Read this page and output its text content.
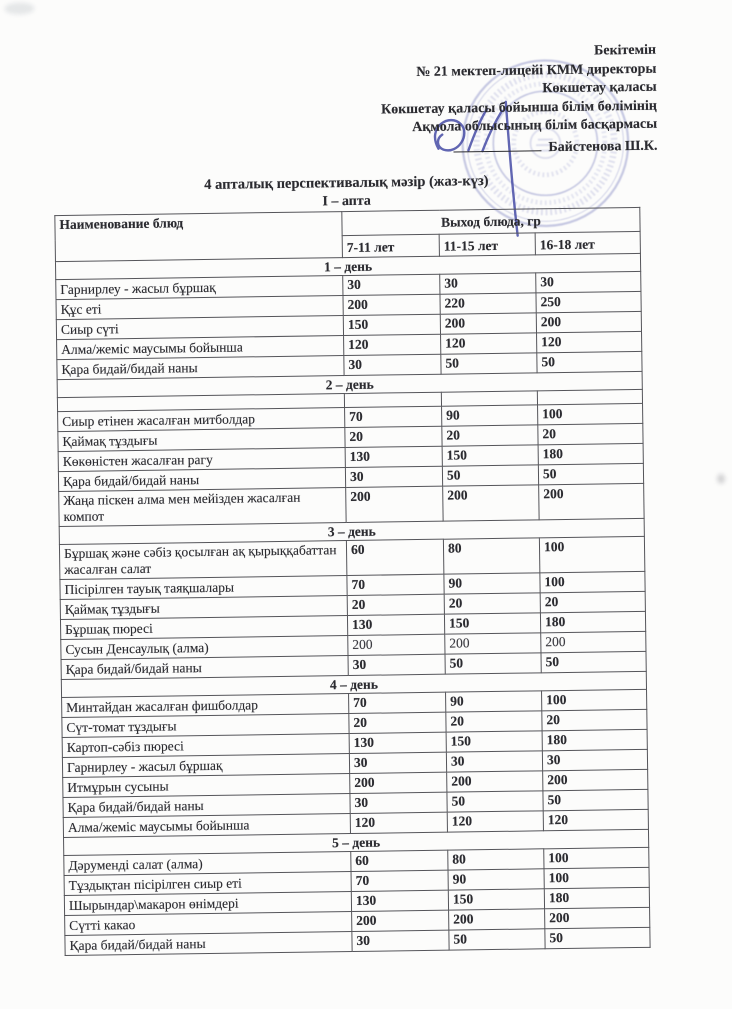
Бекітемін
№ 21 мектеп-лицейі КММ директоры
Көкшетау қаласы
Көкшетау қаласы бойынша білім бөлімінің
Ақмола облысының білім басқармасы
Байстенова Ш.К.
4 апталық перспективалық мәзір (жаз-күз)
I – апта
Наименование блюд	Выход блюда, гр		
	7-11 лет	11-15 лет	16-18 лет
1 – день			
Гарнирлеу - жасыл бұршақ	30	30	30
Құс еті	200	220	250
Сиыр сүті	150	200	200
Алма/жеміс маусымы бойынша	120	120	120
Қара бидай/бидай наны	30	50	50
2 – день			

Сиыр етінен жасалған митболдар	70	90	100
Қаймақ тұздығы	20	20	20
Көкөністен жасалған рагу	130	150	180
Қара бидай/бидай наны	30	50	50
Жаңа піскен алма мен мейізден жасалған компот	200	200	200
3 – день			
Бұршақ және сәбіз қосылған ақ қырыққабаттан жасалған салат	60	80	100
Пісірілген тауық таяқшалары	70	90	100
Қаймақ тұздығы	20	20	20
Бұршақ пюресі	130	150	180
Сусын Денсаулық (алма)	200	200	200
Қара бидай/бидай наны	30	50	50
4 – день			
Минтайдан жасалған фишболдар	70	90	100
Сүт-томат тұздығы	20	20	20
Картоп-сәбіз пюресі	130	150	180
Гарнирлеу - жасыл бұршақ	30	30	30
Итмұрын сусыны	200	200	200
Қара бидай/бидай наны	30	50	50
Алма/жеміс маусымы бойынша	120	120	120
5 – день			
Дәруменді салат (алма)	60	80	100
Тұздықтан пісірілген сиыр еті	70	90	100
Шырындар\макарон өнімдері	130	150	180
Сүтті какао	200	200	200
Қара бидай/бидай наны	30	50	50
